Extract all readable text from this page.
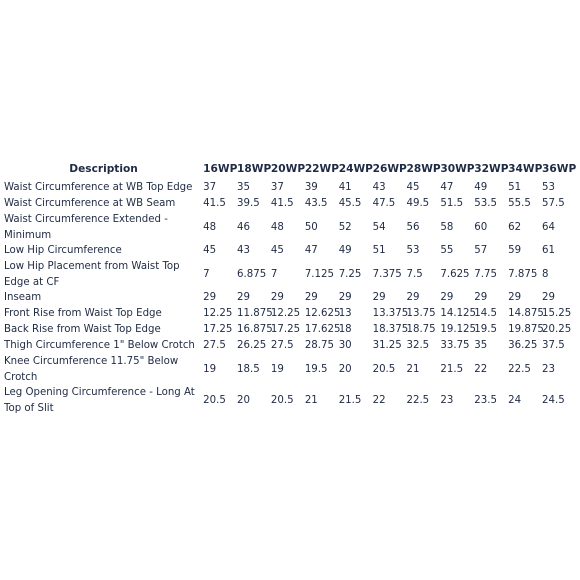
Description	16WP	18WP	20WP	22WP	24WP	26WP	28WP	30WP	32WP	34WP	36WP
Waist Circumference at WB Top Edge	37	35	37	39	41	43	45	47	49	51	53
Waist Circumference at WB Seam	41.5	39.5	41.5	43.5	45.5	47.5	49.5	51.5	53.5	55.5	57.5
Waist Circumference Extended - Minimum	48	46	48	50	52	54	56	58	60	62	64
Low Hip Circumference	45	43	45	47	49	51	53	55	57	59	61
Low Hip Placement from Waist Top Edge at CF	7	6.875	7	7.125	7.25	7.375	7.5	7.625	7.75	7.875	8
Inseam	29	29	29	29	29	29	29	29	29	29	29
Front Rise from Waist Top Edge	12.25	11.875	12.25	12.625	13	13.375	13.75	14.125	14.5	14.875	15.25
Back Rise from Waist Top Edge	17.25	16.875	17.25	17.625	18	18.375	18.75	19.125	19.5	19.875	20.25
Thigh Circumference 1" Below Crotch	27.5	26.25	27.5	28.75	30	31.25	32.5	33.75	35	36.25	37.5
Knee Circumference 11.75" Below Crotch	19	18.5	19	19.5	20	20.5	21	21.5	22	22.5	23
Leg Opening Circumference - Long At Top of Slit	20.5	20	20.5	21	21.5	22	22.5	23	23.5	24	24.5
